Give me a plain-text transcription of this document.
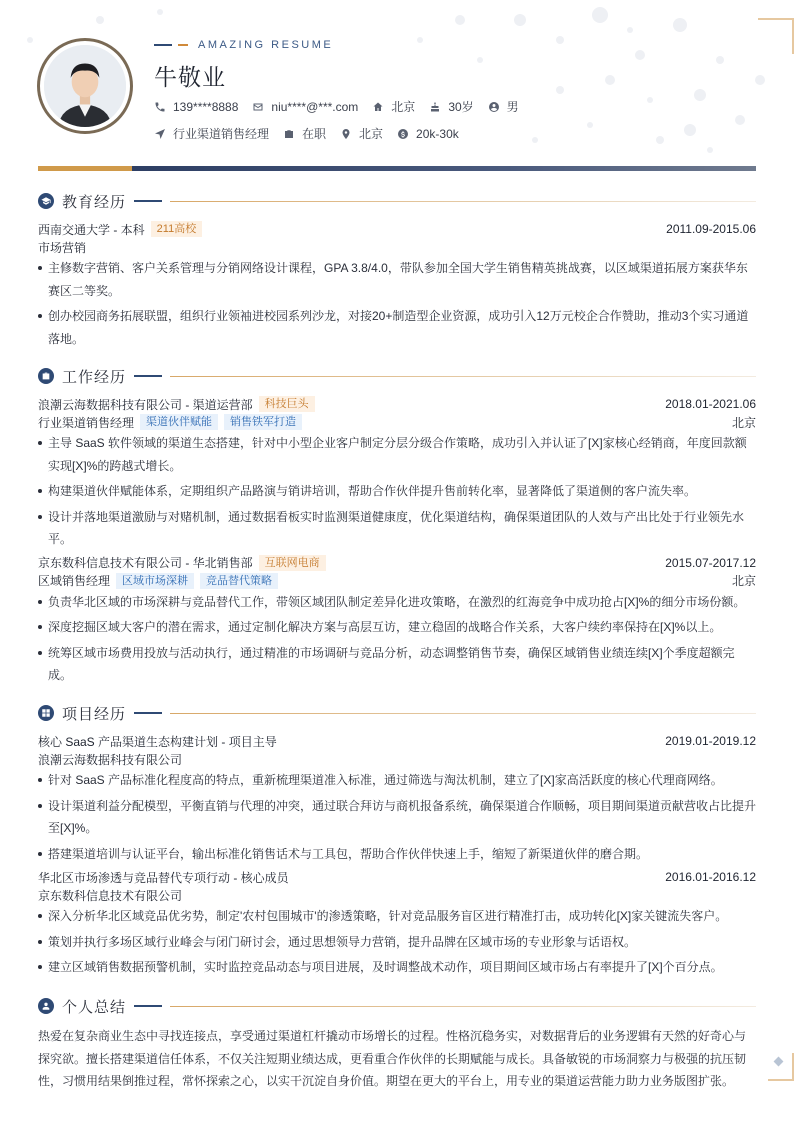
AMAZING RESUME
牛敬业
139****8888	niu****@***.com	北京	30岁	男
行业渠道销售经理	在职	北京	20k-30k
教育经历
西南交通大学 - 本科	211高校	2011.09-2015.06
市场营销
主修数字营销、客户关系管理与分销网络设计课程，GPA 3.8/4.0，带队参加全国大学生销售精英挑战赛，以区域渠道拓展方案获华东赛区二等奖。
创办校园商务拓展联盟，组织行业领袖进校园系列沙龙，对接20+制造型企业资源，成功引入12万元校企合作赞助，推动3个实习通道落地。
工作经历
浪潮云海数据科技有限公司 - 渠道运营部	科技巨头	2018.01-2021.06
行业渠道销售经理	渠道伙伴赋能	销售铁军打造	北京
主导 SaaS 软件领域的渠道生态搭建，针对中小型企业客户制定分层分级合作策略，成功引入并认证了[X]家核心经销商，年度回款额实现[X]%的跨越式增长。
构建渠道伙伴赋能体系，定期组织产品路演与销讲培训，帮助合作伙伴提升售前转化率，显著降低了渠道侧的客户流失率。
设计并落地渠道激励与对赌机制，通过数据看板实时监测渠道健康度，优化渠道结构，确保渠道团队的人效与产出比处于行业领先水平。
京东数科信息技术有限公司 - 华北销售部	互联网电商	2015.07-2017.12
区域销售经理	区域市场深耕	竞品替代策略	北京
负责华北区域的市场深耕与竞品替代工作，带领区域团队制定差异化进攻策略，在激烈的红海竞争中成功抢占[X]%的细分市场份额。
深度挖掘区域大客户的潜在需求，通过定制化解决方案与高层互访，建立稳固的战略合作关系，大客户续约率保持在[X]%以上。
统筹区域市场费用投放与活动执行，通过精准的市场调研与竞品分析，动态调整销售节奏，确保区域销售业绩连续[X]个季度超额完成。
项目经历
核心 SaaS 产品渠道生态构建计划 - 项目主导	2019.01-2019.12
浪潮云海数据科技有限公司
针对 SaaS 产品标准化程度高的特点，重新梳理渠道准入标准，通过筛选与淘汰机制，建立了[X]家高活跃度的核心代理商网络。
设计渠道利益分配模型，平衡直销与代理的冲突，通过联合拜访与商机报备系统，确保渠道合作顺畅，项目期间渠道贡献营收占比提升至[X]%。
搭建渠道培训与认证平台，输出标准化销售话术与工具包，帮助合作伙伴快速上手，缩短了新渠道伙伴的磨合期。
华北区市场渗透与竞品替代专项行动 - 核心成员	2016.01-2016.12
京东数科信息技术有限公司
深入分析华北区域竞品优劣势，制定'农村包围城市'的渗透策略，针对竞品服务盲区进行精准打击，成功转化[X]家关键流失客户。
策划并执行多场区域行业峰会与闭门研讨会，通过思想领导力营销，提升品牌在区域市场的专业形象与话语权。
建立区域销售数据预警机制，实时监控竞品动态与项目进展，及时调整战术动作，项目期间区域市场占有率提升了[X]个百分点。
个人总结

热爱在复杂商业生态中寻找连接点，享受通过渠道杠杆撬动市场增长的过程。性格沉稳务实，对数据背后的业务逻辑有天然的好奇心与探究欲。擅长搭建渠道信任体系，不仅关注短期业绩达成，更看重合作伙伴的长期赋能与成长。具备敏锐的市场洞察力与极强的抗压韧性，习惯用结果倒推过程，常怀探索之心，以实干沉淀自身价值。期望在更大的平台上，用专业的渠道运营能力助力业务版图扩张。
